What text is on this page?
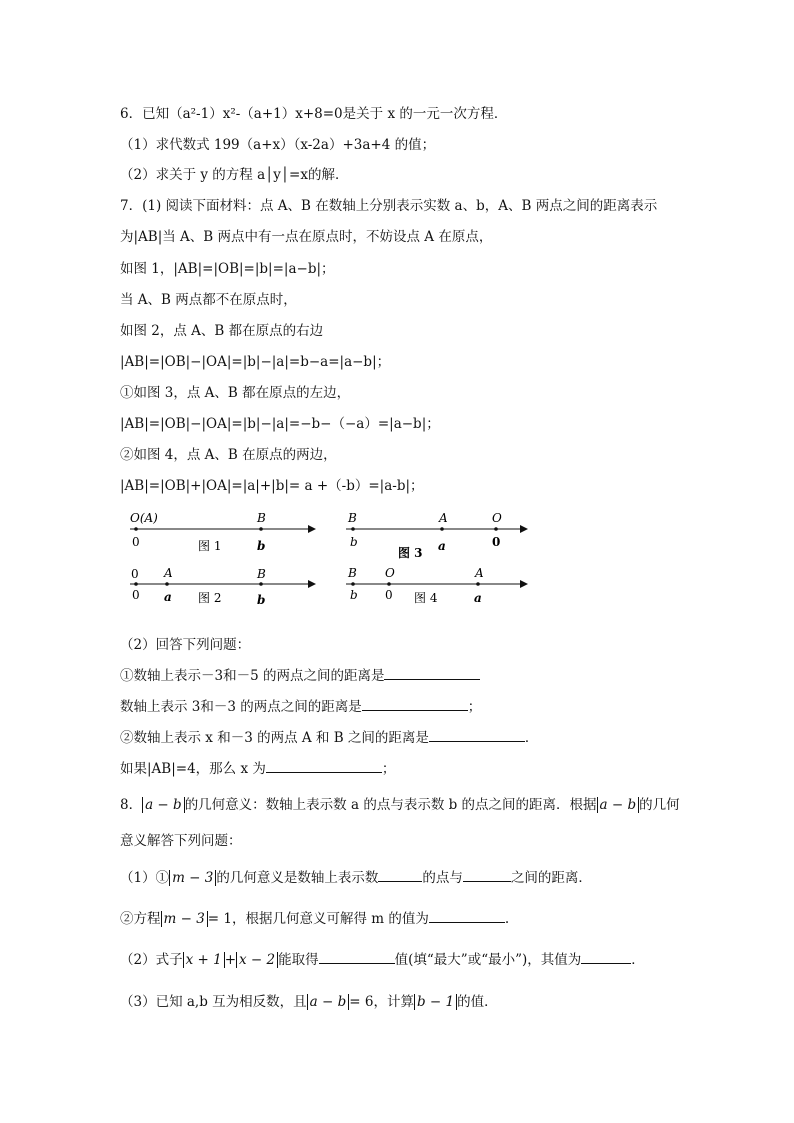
6．已知（a²-1）x²-（a+1）x+8=0是关于 x 的一元一次方程．
（1）求代数式 199（a+x）（x-2a）+3a+4 的值；
（2）求关于 y 的方程 a│y│=x的解．
7．(1) 阅读下面材料：点 A、B 在数轴上分别表示实数 a、b，A、B 两点之间的距离表示
为|AB|当 A、B 两点中有一点在原点时，不妨设点 A 在原点，
如图 1，|AB|=|OB|=|b|=|a−b|；
当 A、B 两点都不在原点时，
如图 2，点 A、B 都在原点的右边
|AB|=|OB|−|OA|=|b|−|a|=b−a=|a−b|；
①如图 3，点 A、B 都在原点的左边，
|AB|=|OB|−|OA|=|b|−|a|=−b−（−a）=|a−b|；
②如图 4，点 A、B 在原点的两边，
|AB|=|OB|+|OA|=|a|+|b|= a +（-b）=|a-b|；
O(A)	B
0	b
图 1
B	A	O
b	a	0
图 3
0 A	B
0 a	b
图 2
B O	A
b 0	a
图 4
（2）回答下列问题：
①数轴上表示－3和－5 的两点之间的距离是
数轴上表示 3和－3 的两点之间的距离是	；
②数轴上表示 x 和－3 的两点 A 和 B 之间的距离是	．
如果|AB|=4，那么 x 为	；
8． a − b 的几何意义：数轴上表示数 a 的点与表示数 b 的点之间的距离．根据 a − b 的几何
意义解答下列问题：
（1）① m − 3 的几何意义是数轴上表示数	的点与	之间的距离．
②方程 m − 3 = 1，根据几何意义可解得 m 的值为	.
（2）式子 x + 1 + x − 2 能取得	值(填“最大”或“最小”)，其值为	．
（3）已知 a,b 互为相反数，且 a − b = 6，计算 b − 1 的值．
